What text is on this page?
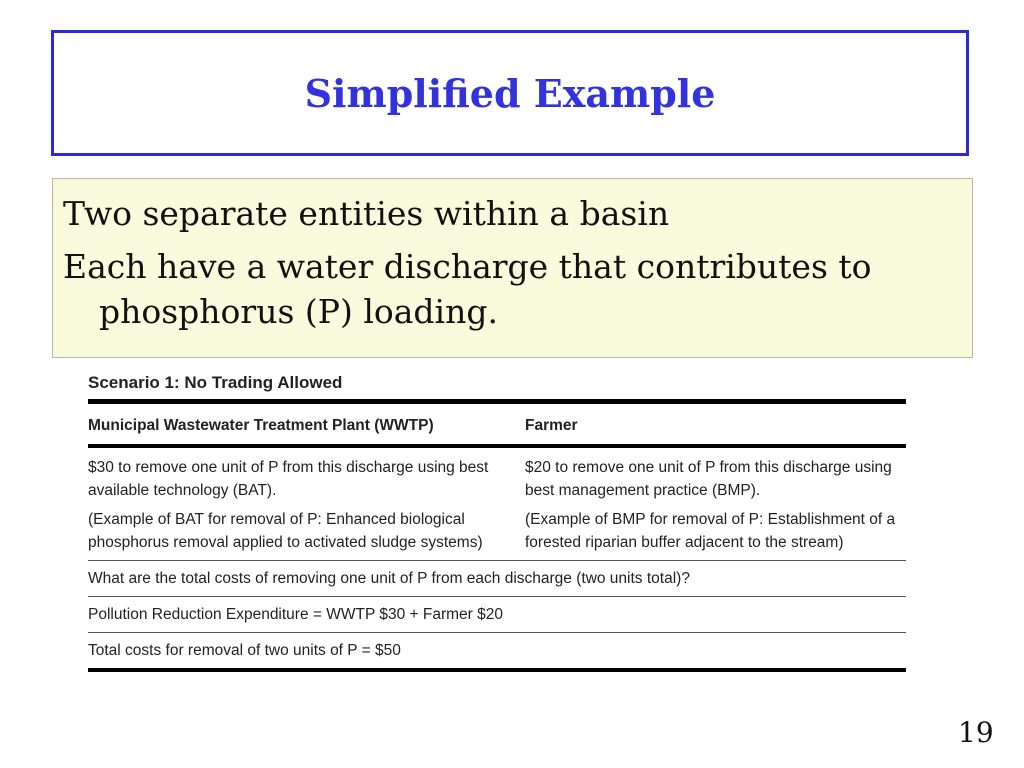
Simplified Example
Two separate entities within a basin
Each have a water discharge that contributes to phosphorus (P) loading.
Scenario 1: No Trading Allowed
Municipal Wastewater Treatment Plant (WWTP)	Farmer
$30 to remove one unit of P from this discharge using best available technology (BAT).
$20 to remove one unit of P from this discharge using best management practice (BMP).
(Example of BAT for removal of P: Enhanced biological phosphorus removal applied to activated sludge systems)
(Example of BMP for removal of P: Establishment of a forested riparian buffer adjacent to the stream)
What are the total costs of removing one unit of P from each discharge (two units total)?
Pollution Reduction Expenditure = WWTP $30 + Farmer $20
Total costs for removal of two units of P = $50
19
